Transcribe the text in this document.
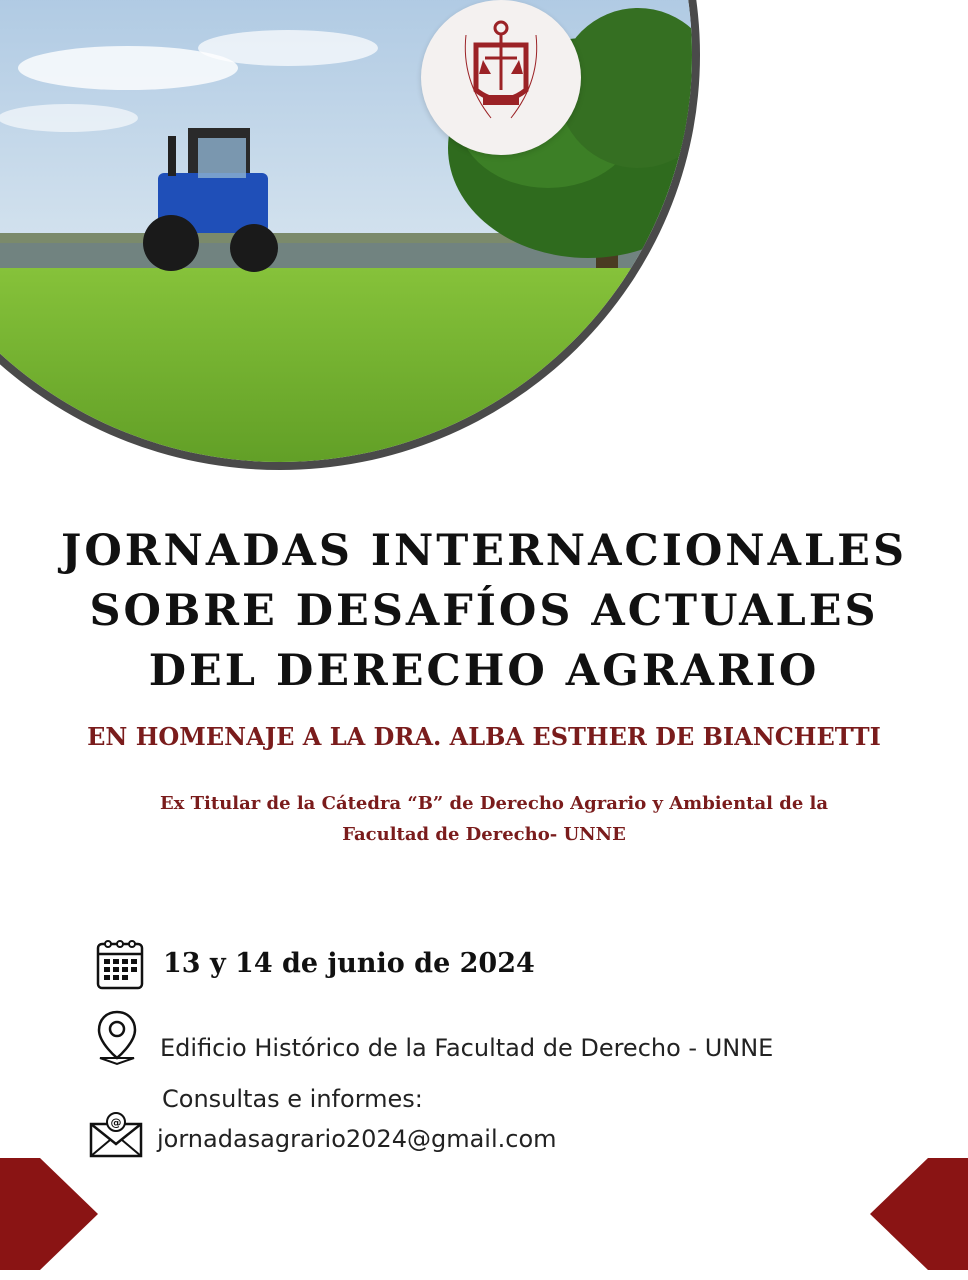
JORNADAS INTERNACIONALES
SOBRE DESAFÍOS ACTUALES
DEL DERECHO AGRARIO
EN HOMENAJE A LA DRA. ALBA ESTHER DE BIANCHETTI
Ex Titular de la Cátedra “B” de Derecho Agrario y Ambiental de la
Facultad de Derecho- UNNE
13 y 14 de junio de 2024
Edificio Histórico de la Facultad de Derecho - UNNE
Consultas e informes:
@
jornadasagrario2024@gmail.com
